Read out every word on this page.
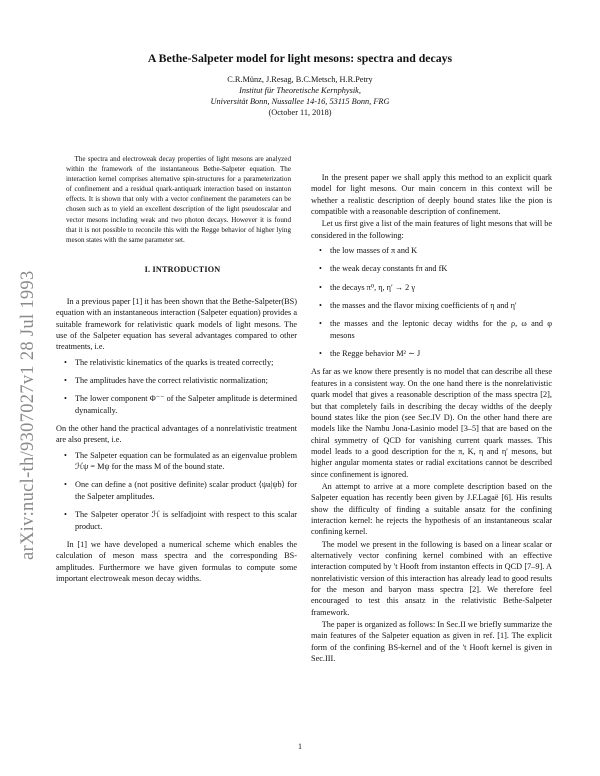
arXiv:nucl-th/9307027v1 28 Jul 1993
A Bethe-Salpeter model for light mesons: spectra and decays
C.R.Münz, J.Resag, B.C.Metsch, H.R.Petry
Institut für Theoretische Kernphysik,
Universität Bonn, Nussallee 14-16, 53115 Bonn, FRG
(October 11, 2018)

The spectra and electroweak decay properties of light mesons are analyzed within the framework of the instantaneous Bethe-Salpeter equation. The interaction kernel comprises alternative spin-structures for a parameterization of confinement and a residual quark-antiquark interaction based on instanton effects. It is shown that only with a vector confinement the parameters can be chosen such as to yield an excellent description of the light pseudoscalar and vector mesons including weak and two photon decays. However it is found that it is not possible to reconcile this with the Regge behavior of higher lying meson states with the same parameter set.

I. INTRODUCTION

In a previous paper [1] it has been shown that the Bethe-Salpeter(BS) equation with an instantaneous interaction (Salpeter equation) provides a suitable framework for relativistic quark models of light mesons. The use of the Salpeter equation has several advantages compared to other treatments, i.e.

• The relativistic kinematics of the quarks is treated correctly;
• The amplitudes have the correct relativistic normalization;
• The lower component Φ⁻⁻ of the Salpeter amplitude is determined dynamically.

On the other hand the practical advantages of a nonrelativistic treatment are also present, i.e.

• The Salpeter equation can be formulated as an eigenvalue problem ℋψ = Mψ for the mass M of the bound state.
• One can define a (not positive definite) scalar product ⟨ψa|ψb⟩ for the Salpeter amplitudes.
• The Salpeter operator ℋ is selfadjoint with respect to this scalar product.

In [1] we have developed a numerical scheme which enables the calculation of meson mass spectra and the corresponding BS-amplitudes. Furthermore we have given formulas to compute some important electroweak meson decay widths.

In the present paper we shall apply this method to an explicit quark model for light mesons. Our main concern in this context will be whether a realistic description of deeply bound states like the pion is compatible with a reasonable description of confinement.

Let us first give a list of the main features of light mesons that will be considered in the following:

• the low masses of π and K
• the weak decay constants fπ and fK
• the decays π⁰, η, η′ → 2 γ
• the masses and the flavor mixing coefficients of η and η′
• the masses and the leptonic decay widths for the ρ, ω and φ mesons
• the Regge behavior M² ∼ J

As far as we know there presently is no model that can describe all these features in a consistent way. On the one hand there is the nonrelativistic quark model that gives a reasonable description of the mass spectra [2], but that completely fails in describing the decay widths of the deeply bound states like the pion (see Sec.IV D). On the other hand there are models like the Nambu Jona-Lasinio model [3–5] that are based on the chiral symmetry of QCD for vanishing current quark masses. This model leads to a good description for the π, K, η and η′ mesons, but higher angular momenta states or radial excitations cannot be described since confinement is ignored.

An attempt to arrive at a more complete description based on the Salpeter equation has recently been given by J.F.Lagaë [6]. His results show the difficulty of finding a suitable ansatz for the confining interaction kernel: he rejects the hypothesis of an instantaneous scalar confining kernel.

The model we present in the following is based on a linear scalar or alternatively vector confining kernel combined with an effective interaction computed by 't Hooft from instanton effects in QCD [7–9]. A nonrelativistic version of this interaction has already lead to good results for the meson and baryon mass spectra [2]. We therefore feel encouraged to test this ansatz in the relativistic Bethe-Salpeter framework.

The paper is organized as follows: In Sec.II we briefly summarize the main features of the Salpeter equation as given in ref. [1]. The explicit form of the confining BS-kernel and of the 't Hooft kernel is given in Sec.III.

1
